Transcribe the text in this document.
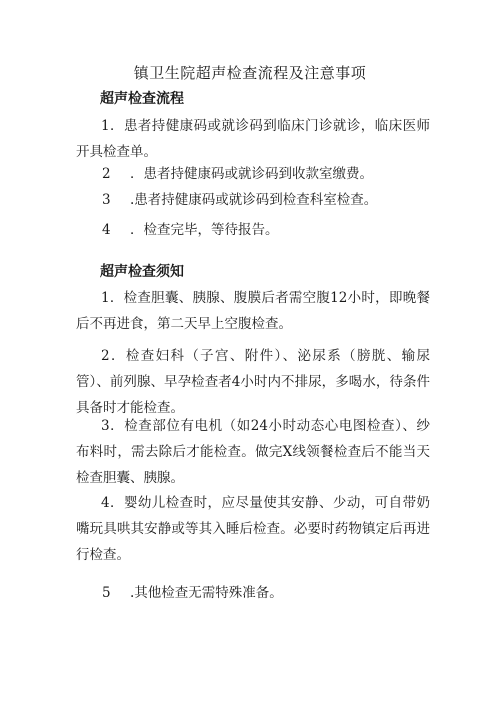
镇卫生院超声检查流程及注意事项
超声检查流程
1．患者持健康码或就诊码到临床门诊就诊，临床医师开具检查单。
2 ．患者持健康码或就诊码到收款室缴费。
3 .患者持健康码或就诊码到检查科室检查。
4 ．检查完毕，等待报告。
超声检查须知
1．检查胆囊、胰腺、腹膜后者需空腹12小时，即晚餐后不再进食，第二天早上空腹检查。
2．检查妇科（子宫、附件）、泌尿系（膀胱、输尿管）、前列腺、早孕检查者4小时内不排尿，多喝水，待条件具备时才能检查。
3．检查部位有电机（如24小时动态心电图检查）、纱布料时，需去除后才能检查。做完X线领餐检查后不能当天检查胆囊、胰腺。
4．婴幼儿检查时，应尽量使其安静、少动，可自带奶嘴玩具哄其安静或等其入睡后检查。必要时药物镇定后再进行检查。
5 .其他检查无需特殊准备。
